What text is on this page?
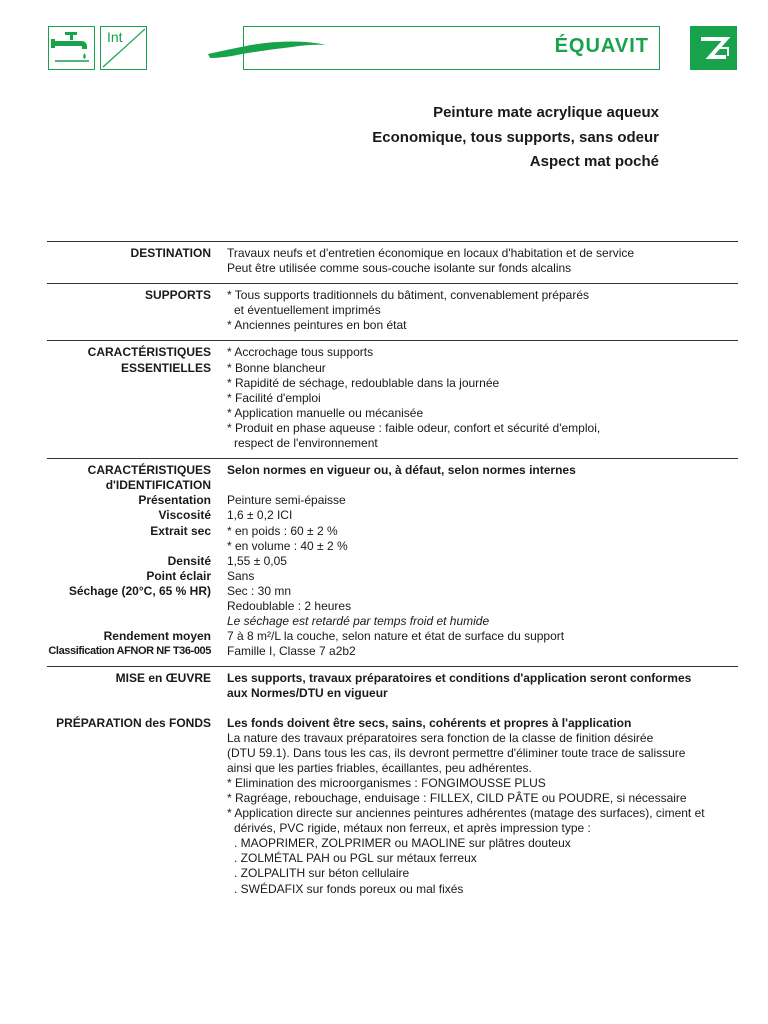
Int	ÉQUAVIT
Peinture mate acrylique aqueux
Economique, tous supports, sans odeur
Aspect mat poché
DESTINATION	Travaux neufs et d'entretien économique en locaux d'habitation et de service
Peut être utilisée comme sous-couche isolante sur fonds alcalins
SUPPORTS	* Tous supports traditionnels du bâtiment, convenablement préparés
et éventuellement imprimés
* Anciennes peintures en bon état
CARACTÉRISTIQUES	* Accrochage tous supports
ESSENTIELLES	* Bonne blancheur
* Rapidité de séchage, redoublable dans la journée
* Facilité d'emploi
* Application manuelle ou mécanisée
* Produit en phase aqueuse : faible odeur, confort et sécurité d'emploi,
respect de l'environnement
CARACTÉRISTIQUES	Selon normes en vigueur ou, à défaut, selon normes internes
d'IDENTIFICATION
Présentation	Peinture semi-épaisse
Viscosité	1,6 ± 0,2 ICI
Extrait sec	* en poids : 60 ± 2 %
* en volume : 40 ± 2 %
Densité	1,55 ± 0,05
Point éclair	Sans
Séchage (20°C, 65 % HR)	Sec : 30 mn
Redoublable : 2 heures
Le séchage est retardé par temps froid et humide
Rendement moyen	7 à 8 m²/L la couche, selon nature et état de surface du support
Classification AFNOR NF T36-005	Famille I, Classe 7 a2b2
MISE en ŒUVRE	Les supports, travaux préparatoires et conditions d'application seront conformes
aux Normes/DTU en vigueur
PRÉPARATION des FONDS	Les fonds doivent être secs, sains, cohérents et propres à l'application
La nature des travaux préparatoires sera fonction de la classe de finition désirée
(DTU 59.1). Dans tous les cas, ils devront permettre d'éliminer toute trace de salissure
ainsi que les parties friables, écaillantes, peu adhérentes.
* Elimination des microorganismes : FONGIMOUSSE PLUS
* Ragréage, rebouchage, enduisage : FILLEX, CILD PÂTE ou POUDRE, si nécessaire
* Application directe sur anciennes peintures adhérentes (matage des surfaces), ciment et
dérivés, PVC rigide, métaux non ferreux, et après impression type :
. MAOPRIMER, ZOLPRIMER ou MAOLINE sur plâtres douteux
. ZOLMÉTAL PAH ou PGL sur métaux ferreux
. ZOLPALITH sur béton cellulaire
. SWÉDAFIX sur fonds poreux ou mal fixés
